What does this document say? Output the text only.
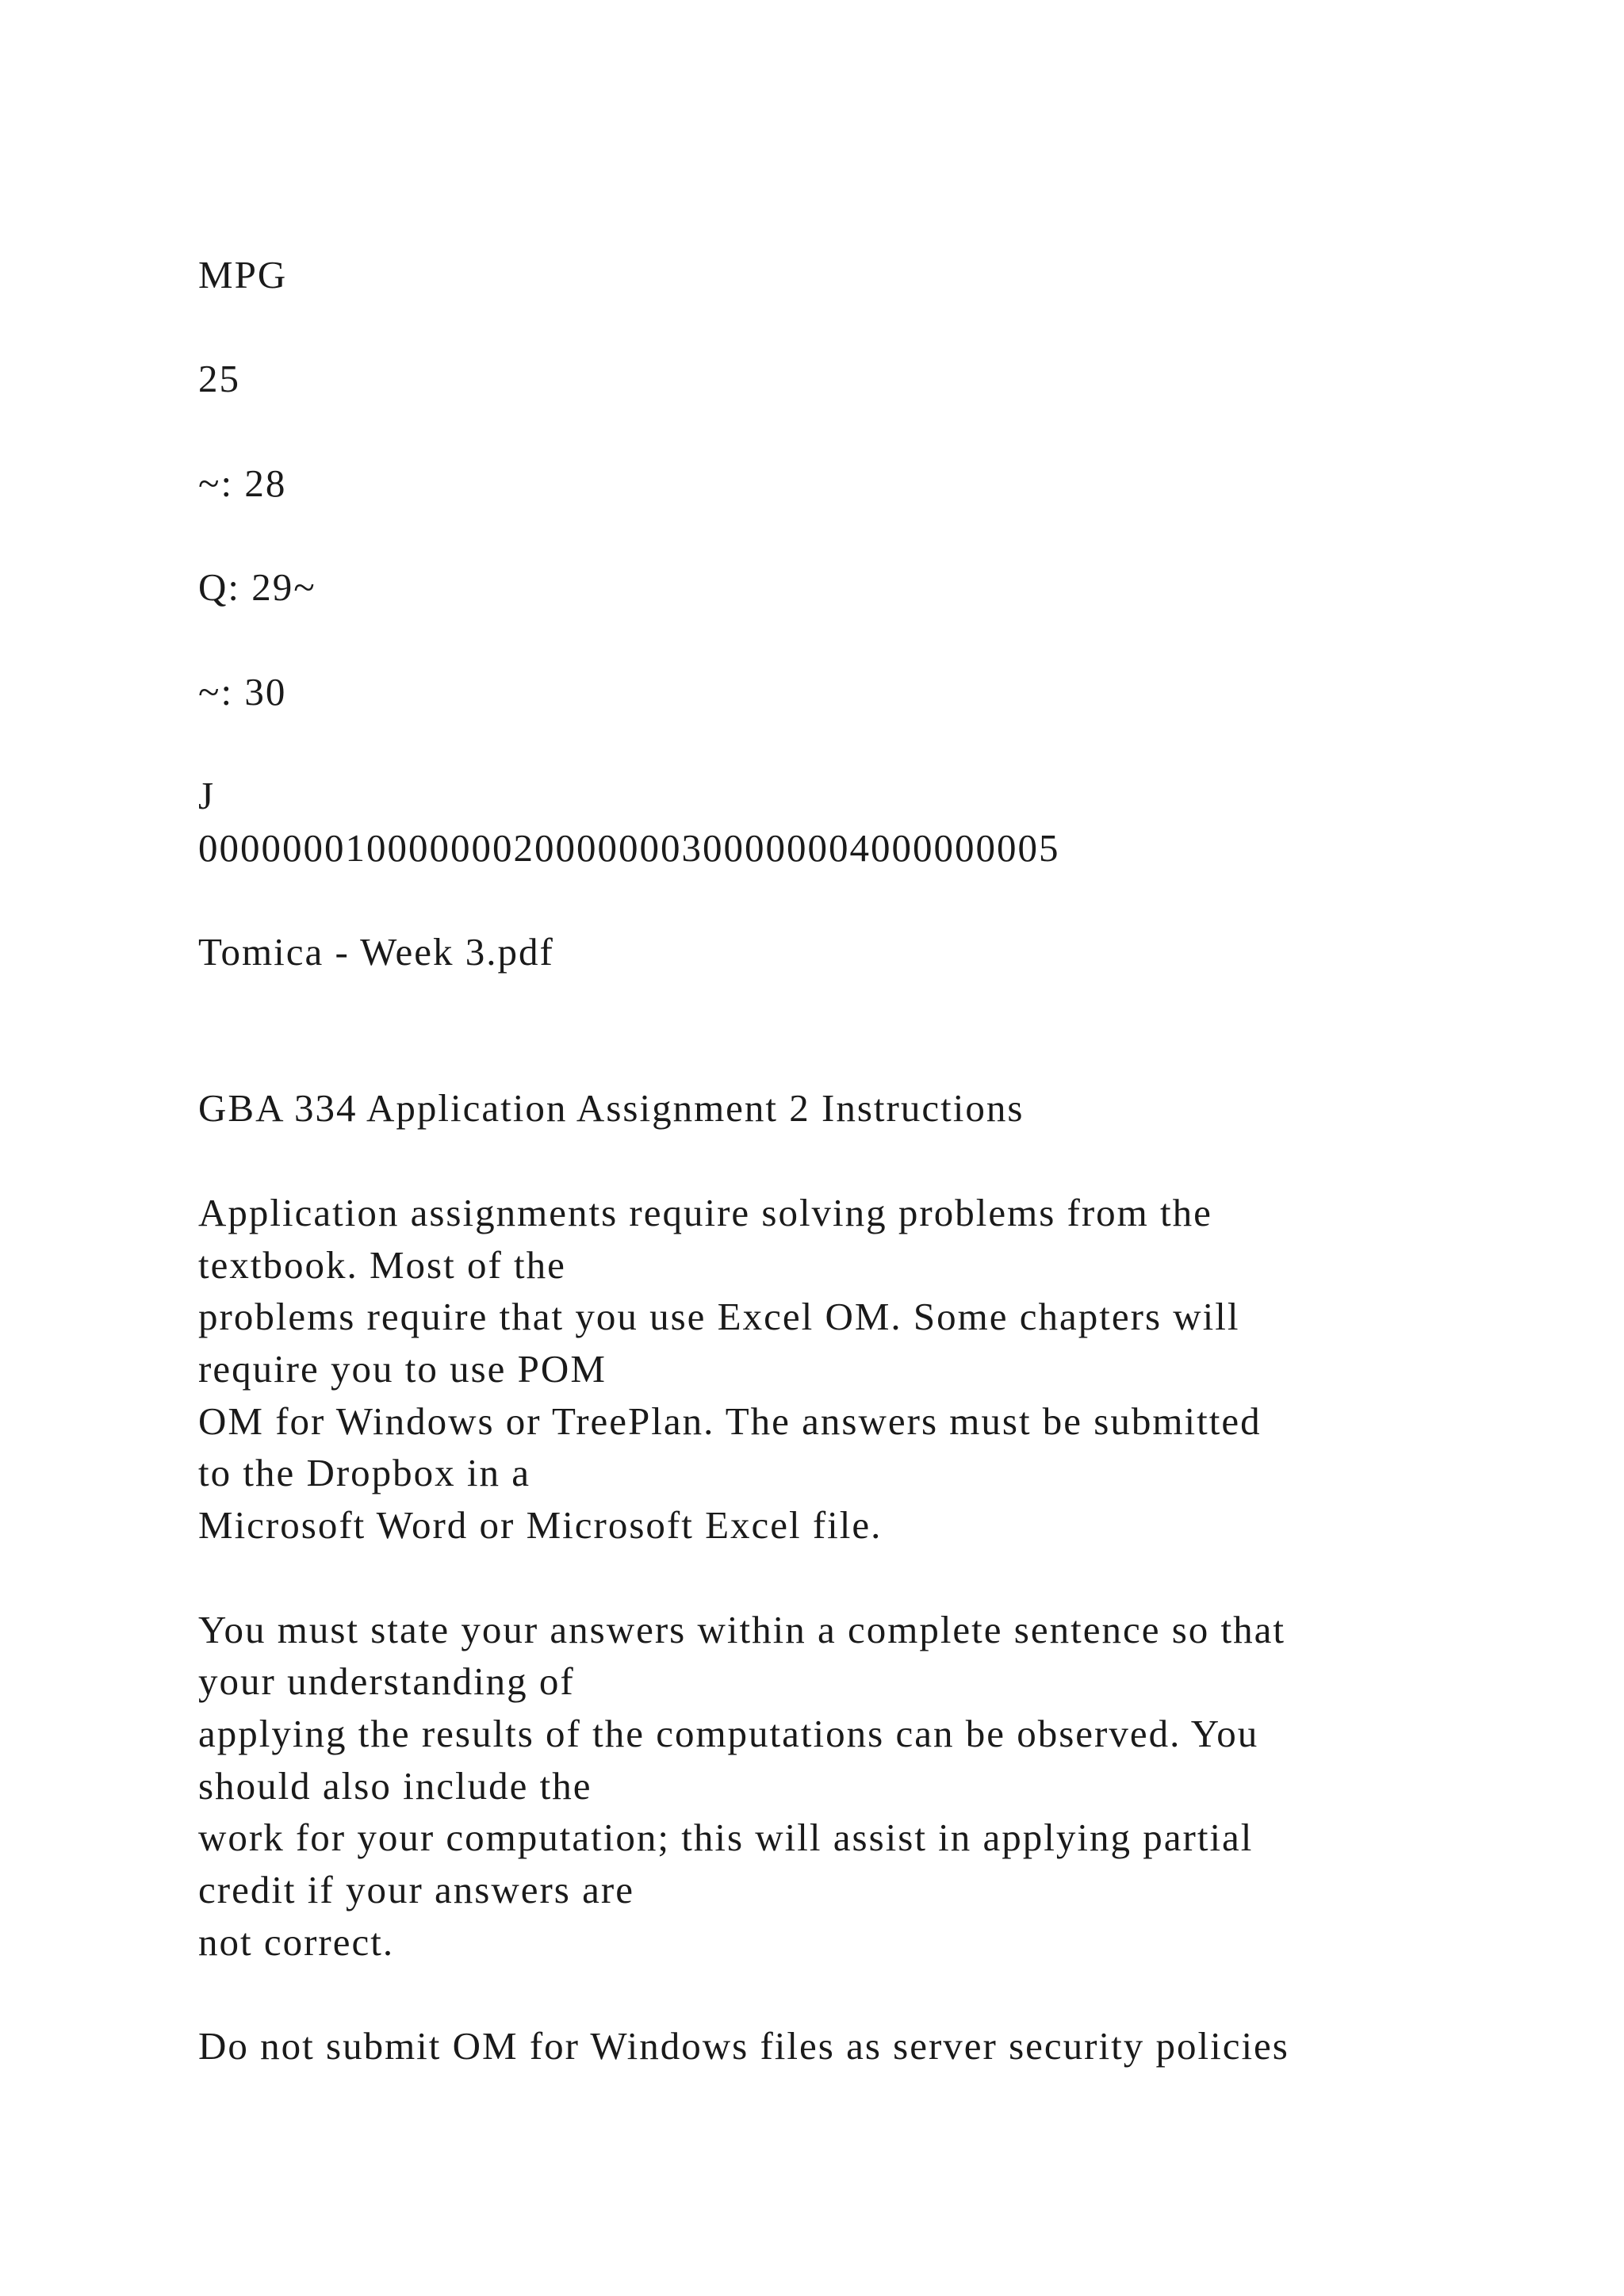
MPG
25
~: 28
Q: 29~
~: 30
J
00000001000000020000000300000004000000005
Tomica - Week 3.pdf
GBA 334 Application Assignment 2 Instructions
Application assignments require solving problems from the
textbook. Most of the
problems require that you use Excel OM. Some chapters will
require you to use POM
OM for Windows or TreePlan. The answers must be submitted
to the Dropbox in a
Microsoft Word or Microsoft Excel file.
You must state your answers within a complete sentence so that
your understanding of
applying the results of the computations can be observed. You
should also include the
work for your computation; this will assist in applying partial
credit if your answers are
not correct.
Do not submit OM for Windows files as server security policies
